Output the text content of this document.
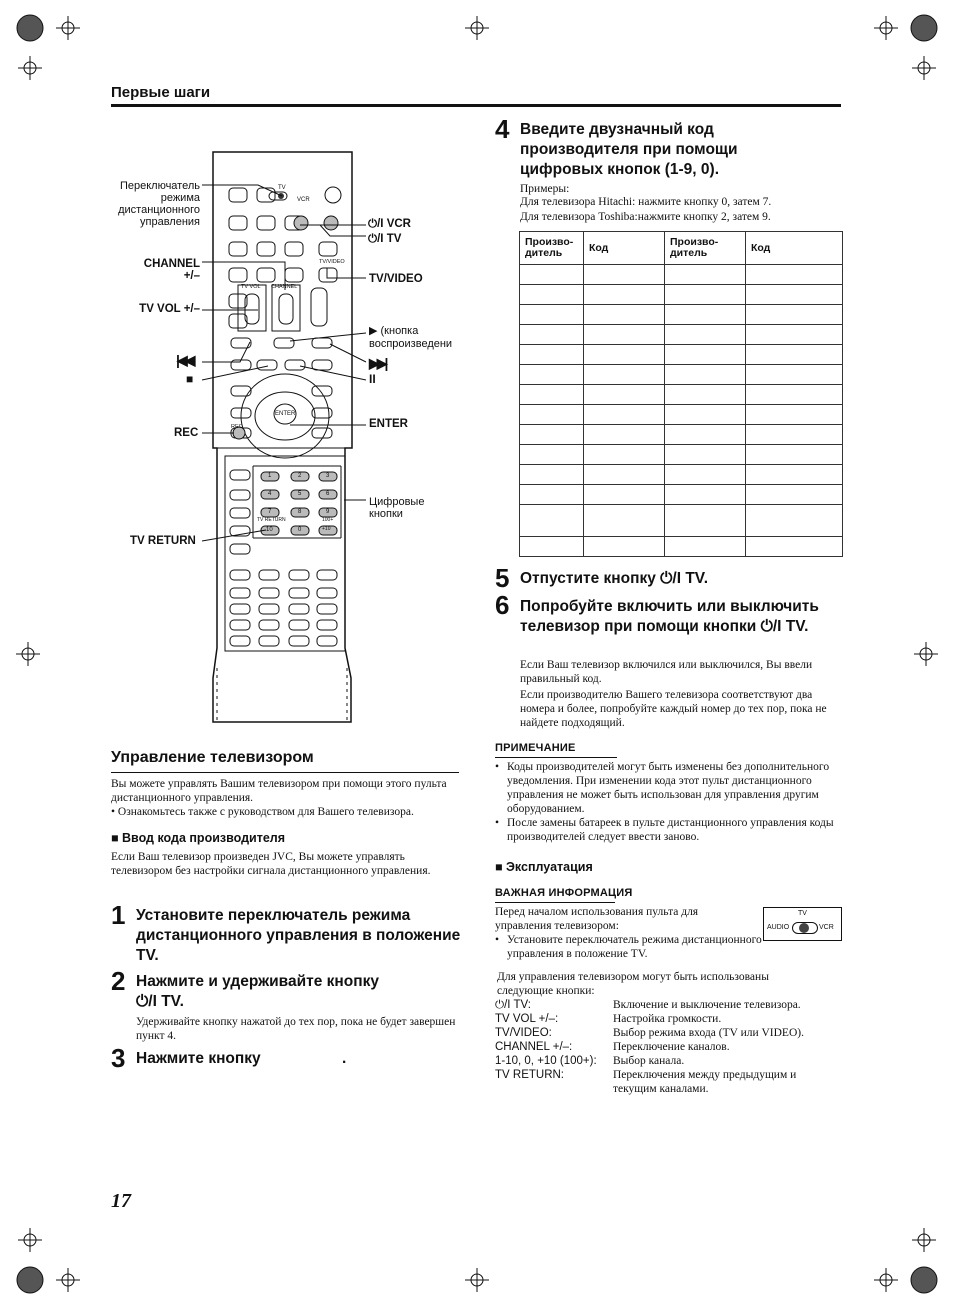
Первые шаги
TV
VCR
TV VOL CHANNEL
TV/VIDEO
ENTER
REC
TV RETURN	100+
+10
1	2	3
4	5	6
7	8	9
10	0
Переключатель режима дистанционного управления
CHANNEL +/–
TV VOL +/–
|◀◀
■
REC
TV RETURN
⏻/I VCR
⏻/I TV
TV/VIDEO
▶ (кнопка воспроизведени
▶▶|
II
ENTER
Цифровые кнопки
Управление телевизором
Вы можете управлять Вашим телевизором при помощи этого пульта дистанционного управления.
• Ознакомьтесь также с руководством для Вашего телевизора.
■ Ввод кода производителя
Если Ваш телевизор произведен JVC, Вы можете управлять телевизором без настройки сигнала дистанционного управления.
1 Установите переключатель режима дистанционного управления в положение TV.
2 Нажмите и удерживайте кнопку
⏻/I TV.
Удерживайте кнопку нажатой до тех пор, пока не будет завершен пункт 4.
3 Нажмите кнопку	.
17
4 Введите двузначный код производителя при помощи цифровых кнопок (1-9, 0).
Примеры:
Для телевизора Hitachi: нажмите кнопку 0, затем 7.
Для телевизора Toshiba:нажмите кнопку 2, затем 9.
Произво-дитель	Код	Произво-дитель	Код

5 Отпустите кнопку ⏻/I TV.
6 Попробуйте включить или выключить телевизор при помощи кнопки ⏻/I TV.
Если Ваш телевизор включился или выключился, Вы ввели правильный код.
Если производителю Вашего телевизора соответствуют два номера и более, попробуйте каждый номер до тех пор, пока не найдете подходящий.
ПРИМЕЧАНИЕ
• Коды производителей могут быть изменены без дополнительного уведомления. При изменении кода этот пульт дистанционного управления не может быть использован для управления другим оборудованием.
• После замены батареек в пульте дистанционного управления коды производителей следует ввести заново.
■ Эксплуатация
ВАЖНАЯ ИНФОРМАЦИЯ
Перед началом использования пульта для управления телевизором:
• Установите переключатель режима дистанционного управления в положение TV.
TV
AUDIO	VCR
Для управления телевизором могут быть использованы следующие кнопки:
⏻/I TV:	Включение и выключение телевизора.
TV VOL +/–:	Настройка громкости.
TV/VIDEO:	Выбор режима входа (TV или VIDEO).
CHANNEL +/–:	Переключение каналов.
1-10, 0, +10 (100+):	Выбор канала.
TV RETURN:	Переключения между предыдущим и текущим каналами.
